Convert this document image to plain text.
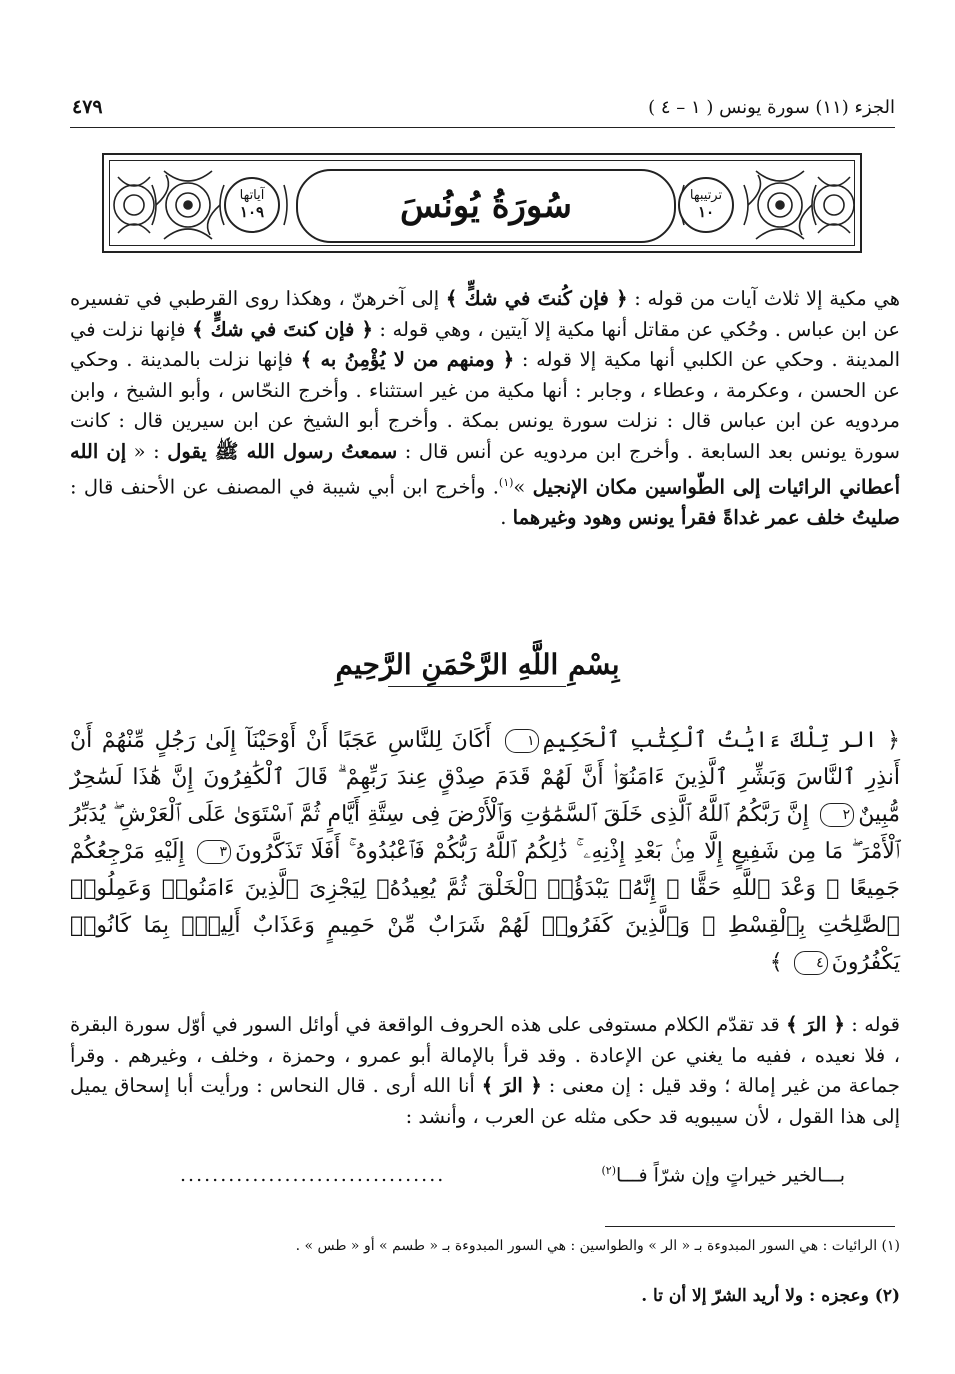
الجزء (١١) سورة يونس ( ١ – ٤ )
٤٧٩
ترتيبها
١٠
سُورَةُ يُونُسَ
آياتها
١٠٩
هي مكية إلا ثلاث آيات من قوله : ﴿ فإن كُنتَ في شكٍّ ﴾ إلى آخرهنّ ، وهكذا روى القرطبي في تفسيره عن ابن عباس . وحُكي عن مقاتل أنها مكية إلا آيتين ، وهي قوله : ﴿ فإن كنتَ في شكٍّ ﴾ فإنها نزلت في المدينة . وحكي عن الكلبي أنها مكية إلا قوله : ﴿ ومنهم من لا يُؤْمِنُ به ﴾ فإنها نزلت بالمدينة . وحكي عن الحسن ، وعكرمة ، وعطاء ، وجابر : أنها مكية من غير استثناء . وأخرج النحّاس ، وأبو الشيخ ، وابن مردويه عن ابن عباس قال : نزلت سورة يونس بمكة . وأخرج أبو الشيخ عن ابن سيرين قال : كانت سورة يونس بعد السابعة . وأخرج ابن مردويه عن أنس قال : سمعتُ رسول الله ﷺ يقول : « إن الله أعطاني الرائيات إلى الطّواسين مكان الإنجيل »$^{(١)}$. وأخرج ابن أبي شيبة في المصنف عن الأحنف قال : صليتُ خلف عمر غداةً فقرأ يونس وهود وغيرهما .
بِسْمِ اللَّهِ الرَّحْمَنِ الرَّحِيمِ
﴿ الر تِلْكَ ءَايَٰتُ ٱلْكِتَٰبِ ٱلْحَكِيمِ١ أَكَانَ لِلنَّاسِ عَجَبًا أَنْ أَوْحَيْنَآ إِلَىٰ رَجُلٍ مِّنْهُمْ أَنْ أَنذِرِ ٱلنَّاسَ وَبَشِّرِ ٱلَّذِينَ ءَامَنُوٓا۟ أَنَّ لَهُمْ قَدَمَ صِدْقٍ عِندَ رَبِّهِمْ ۗ قَالَ ٱلْكَٰفِرُونَ إِنَّ هَٰذَا لَسَٰحِرٌ مُّبِينٌ٢ إِنَّ رَبَّكُمُ ٱللَّهُ ٱلَّذِى خَلَقَ ٱلسَّمَٰوَٰتِ وَٱلْأَرْضَ فِى سِتَّةِ أَيَّامٍ ثُمَّ ٱسْتَوَىٰ عَلَى ٱلْعَرْشِ ۖ يُدَبِّرُ ٱلْأَمْرَ ۖ مَا مِن شَفِيعٍ إِلَّا مِنۢ بَعْدِ إِذْنِهِۦ ۚ ذَٰلِكُمُ ٱللَّهُ رَبُّكُمْ فَٱعْبُدُوهُ ۚ أَفَلَا تَذَكَّرُونَ٣ إِلَيْهِ مَرْجِعُكُمْ جَمِيعًا ۖ وَعْدَ ٱللَّهِ حَقًّا ۚ إِنَّهُۥ يَبْدَؤُا۟ ٱلْخَلْقَ ثُمَّ يُعِيدُهُۥ لِيَجْزِىَ ٱلَّذِينَ ءَامَنُوا۟ وَعَمِلُوا۟ ٱلصَّٰلِحَٰتِ بِٱلْقِسْطِ ۚ وَٱلَّذِينَ كَفَرُوا۟ لَهُمْ شَرَابٌ مِّنْ حَمِيمٍ وَعَذَابٌ أَلِيمٌۢ بِمَا كَانُوا۟ يَكْفُرُونَ٤ ﴾
قوله : ﴿ الرَ ﴾ قد تقدّم الكلام مستوفى على هذه الحروف الواقعة في أوائل السور في أوّل سورة البقرة ، فلا نعيده ، ففيه ما يغني عن الإعادة . وقد قرأ بالإمالة أبو عمرو ، وحمزة ، وخلف ، وغيرهم . وقرأ جماعة من غير إمالة ؛ وقد قيل : إن معنى : ﴿ الرَ ﴾ أنا الله أرى . قال النحاس : ورأيت أبا إسحاق يميل إلى هذا القول ، لأن سيبويه قد حكى مثله عن العرب ، وأنشد :
بـــالخير خيراتٍ وإن شرّاً فـــا$^{(٢)}$
.................................
(١) الرائيات : هي السور المبدوءة بـ « الر » والطواسين : هي السور المبدوءة بـ « طسم » أو « طس » .
(٢) وعجزه : ولا أريد الشرّ إلا أن تا .
